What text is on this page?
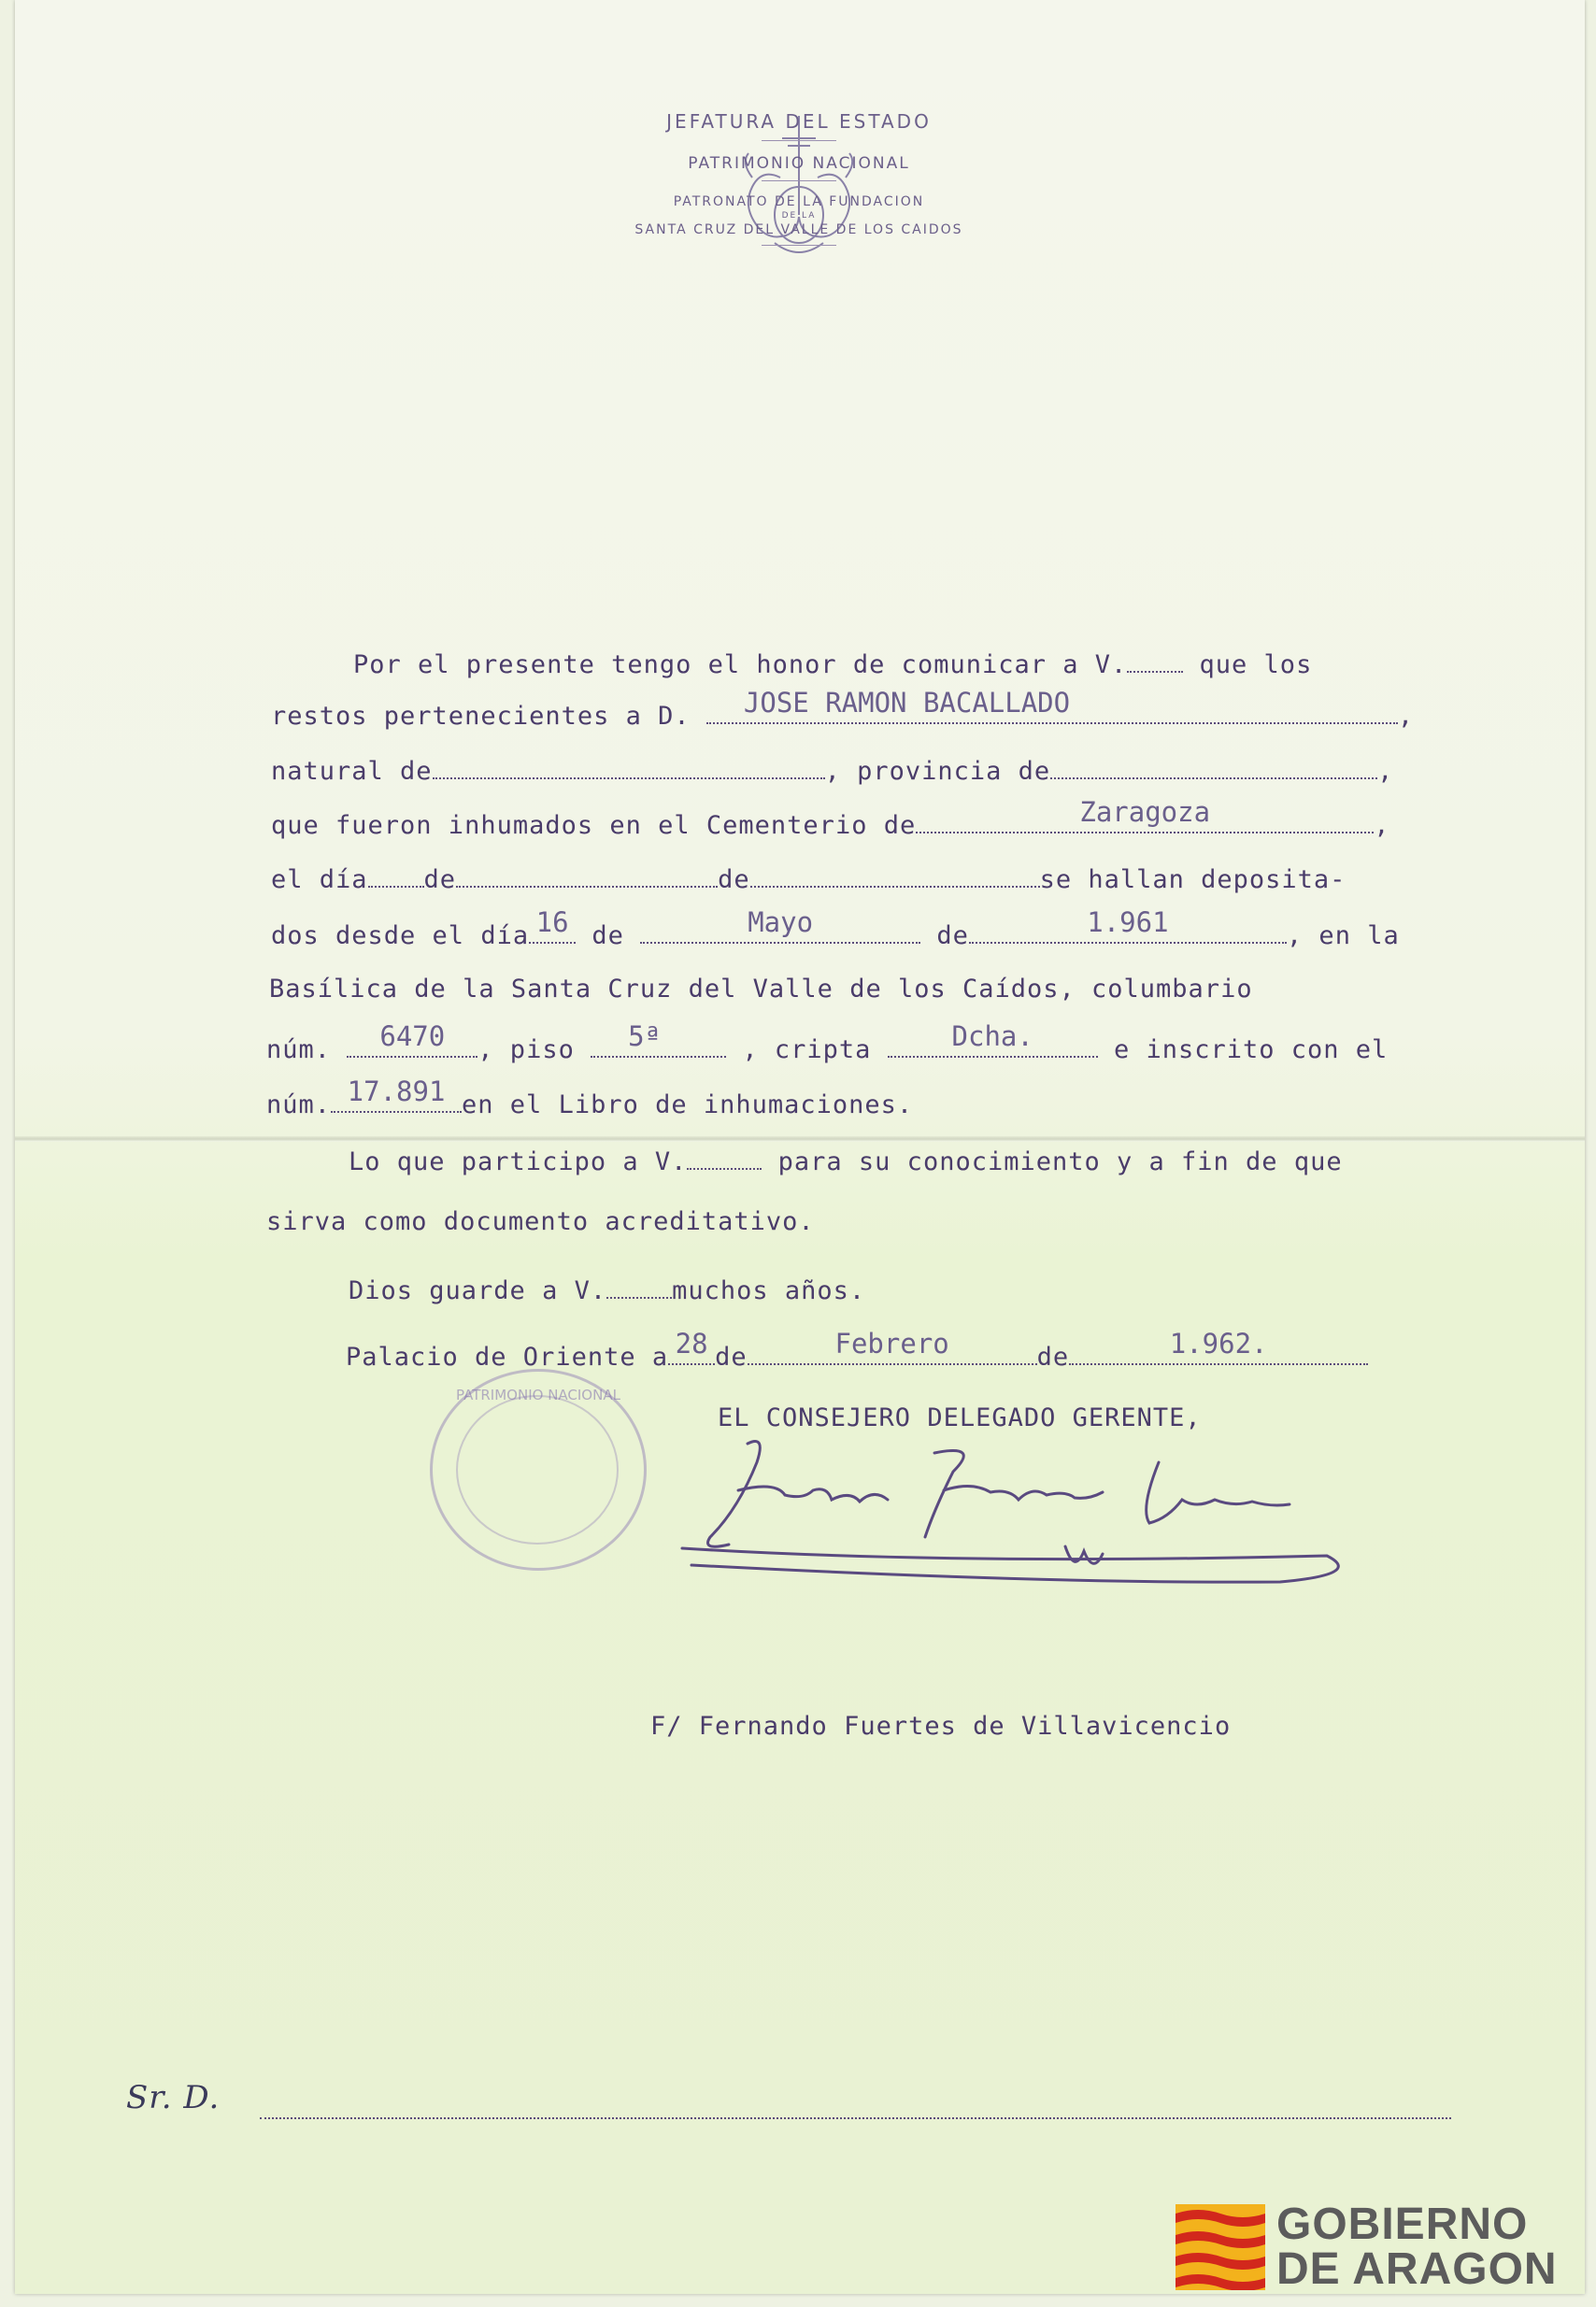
JEFATURA DEL ESTADO
PATRIMONIO NACIONAL
PATRONATO DE LA FUNDACION
DE LA
SANTA CRUZ DEL VALLE DE LOS CAIDOS
Por el presente tengo el honor de comunicar a V.	que los
restos pertenecientes a D. JOSE RAMON BACALLADO	,
natural de	, provincia de	,
que fueron inhumados en el Cementerio de	Zaragoza	,
el día de	de	se hallan deposita-
dos desde el día 16 de	Mayo	de	1.961	, en la
Basílica de la Santa Cruz del Valle de los Caídos, columbario
núm.	6470	, piso 5ª	, cripta	Dcha.	e inscrito con el
núm. 17.891 en el Libro de inhumaciones.
Lo que participo a V.	para su conocimiento y a fin de que
sirva como documento acreditativo.
Dios guarde a V.	muchos años.
Palacio de Oriente a 28 de	Febrero	de	1.962.
EL CONSEJERO DELEGADO GERENTE,
PATRIMONIO NACIONAL
F/ Fernando Fuertes de Villavicencio
Sr. D.
GOBIERNO
DE ARAGON
